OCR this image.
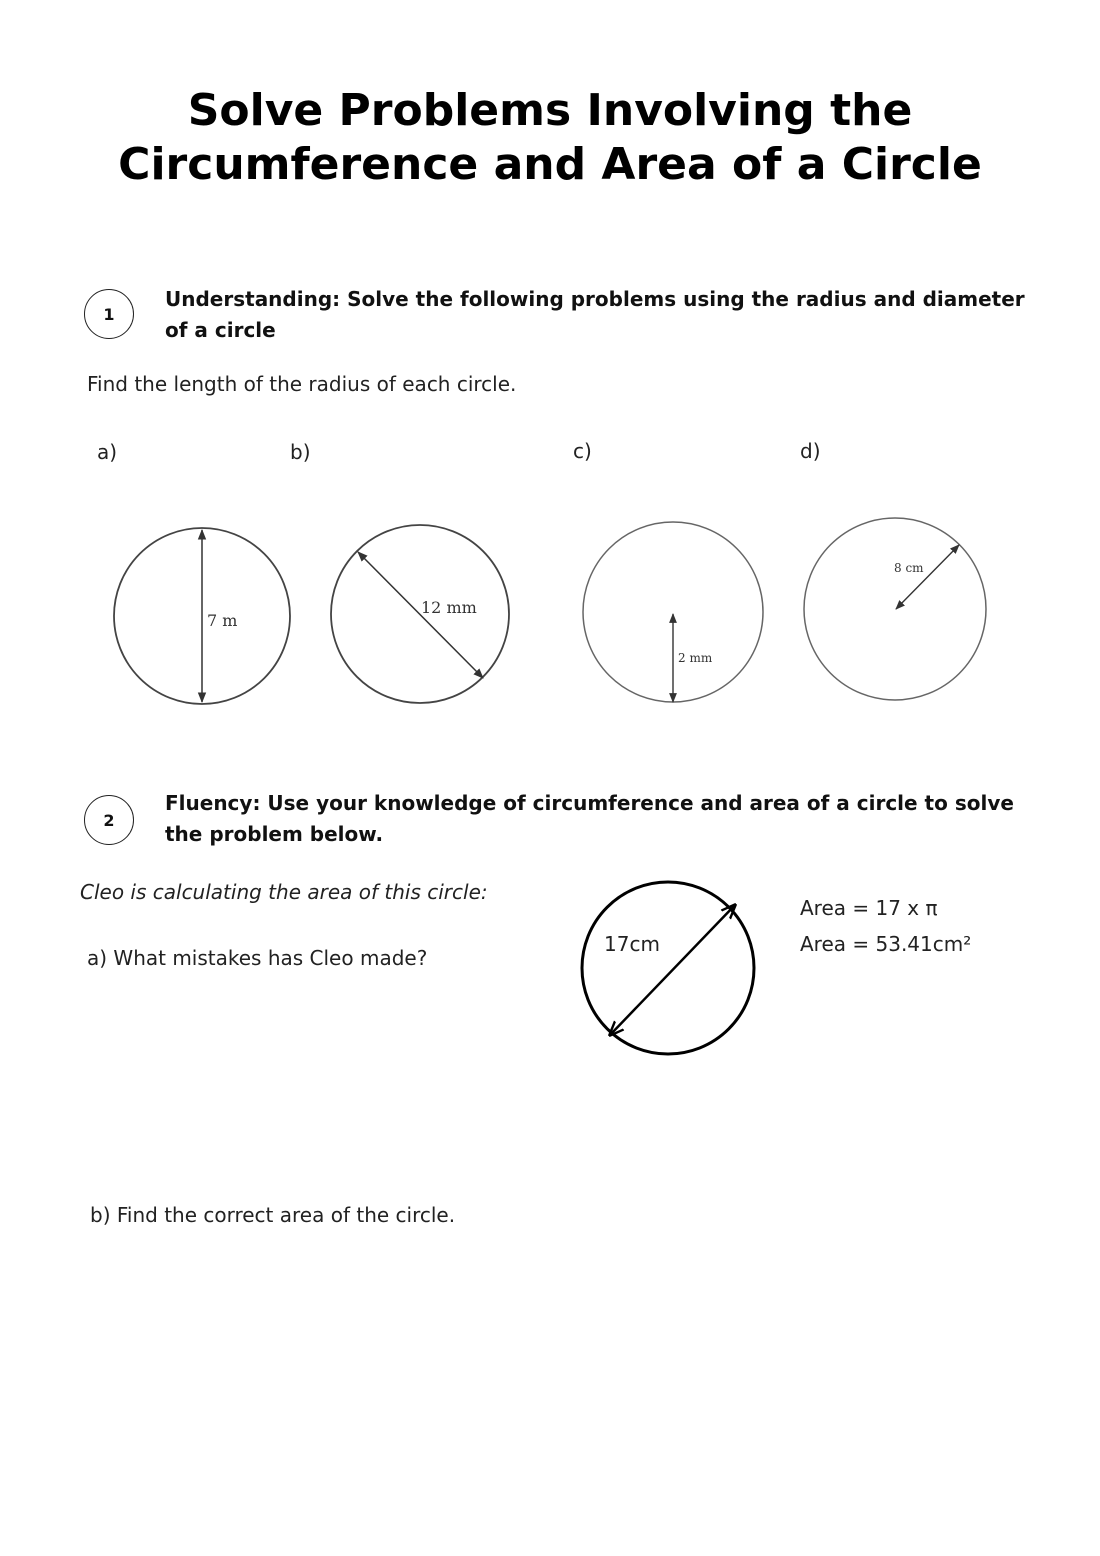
Solve Problems Involving the
Circumference and Area of a Circle
1
Understanding: Solve the following problems using the radius and diameter
of a circle
Find the length of the radius of each circle.
a)	b)	c)	d)
7 m
12 mm
2 mm
8 cm
2
Fluency: Use your knowledge of circumference and area of a circle to solve
the problem below.
Cleo is calculating the area of this circle:
a) What mistakes has Cleo made?
b) Find the correct area of the circle.
17cm
Area = 17 x π
Area = 53.41cm²
